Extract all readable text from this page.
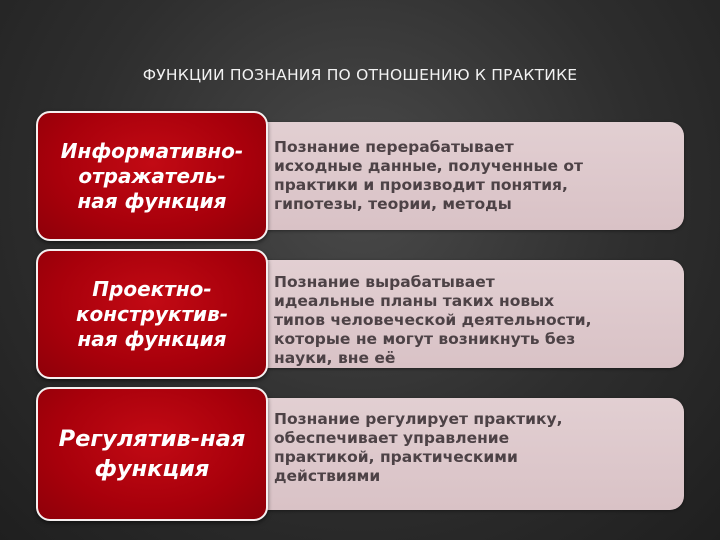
ФУНКЦИИ ПОЗНАНИЯ ПО ОТНОШЕНИЮ К ПРАКТИКЕ
Познание перерабатывает
исходные данные, полученные от
практики и производит понятия,
гипотезы, теории, методы
Информативно-
отражатель-
ная функция
Познание вырабатывает
идеальные планы таких новых
типов человеческой деятельности,
которые не могут возникнуть без
науки, вне её
Проектно-
конструктив-
ная функция
Познание регулирует практику,
обеспечивает управление
практикой, практическими
действиями
Регулятив-ная
функция
